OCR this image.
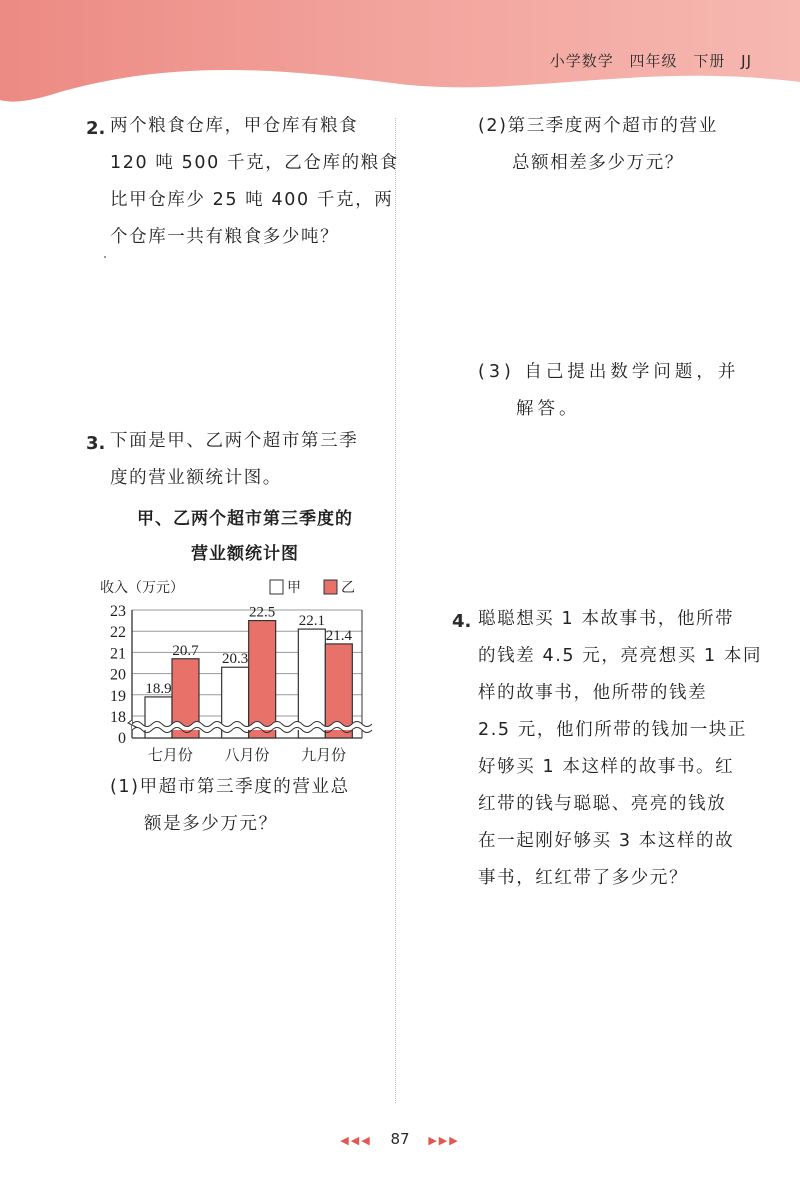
小学数学 四年级 下册 JJ
2. 两个粮食仓库，甲仓库有粮食
120 吨 500 千克，乙仓库的粮食
比甲仓库少 25 吨 400 千克，两
个仓库一共有粮食多少吨？
3. 下面是甲、乙两个超市第三季
度的营业额统计图。
甲、乙两个超市第三季度的
营业额统计图
收入（万元）	甲	乙
23
22
21
20
19
18
0
18.9
20.7
七月份
20.3
22.5
八月份
22.1
21.4
九月份
(1)甲超市第三季度的营业总
额是多少万元？
(2)第三季度两个超市的营业
总额相差多少万元？
(3) 自己提出数学问题，并
解答。
4. 聪聪想买 1 本故事书，他所带
的钱差 4.5 元，亮亮想买 1 本同
样的故事书，他所带的钱差
2.5 元，他们所带的钱加一块正
好够买 1 本这样的故事书。红
红带的钱与聪聪、亮亮的钱放
在一起刚好够买 3 本这样的故
事书，红红带了多少元？
◀◀◀ 87 ▶▶▶
